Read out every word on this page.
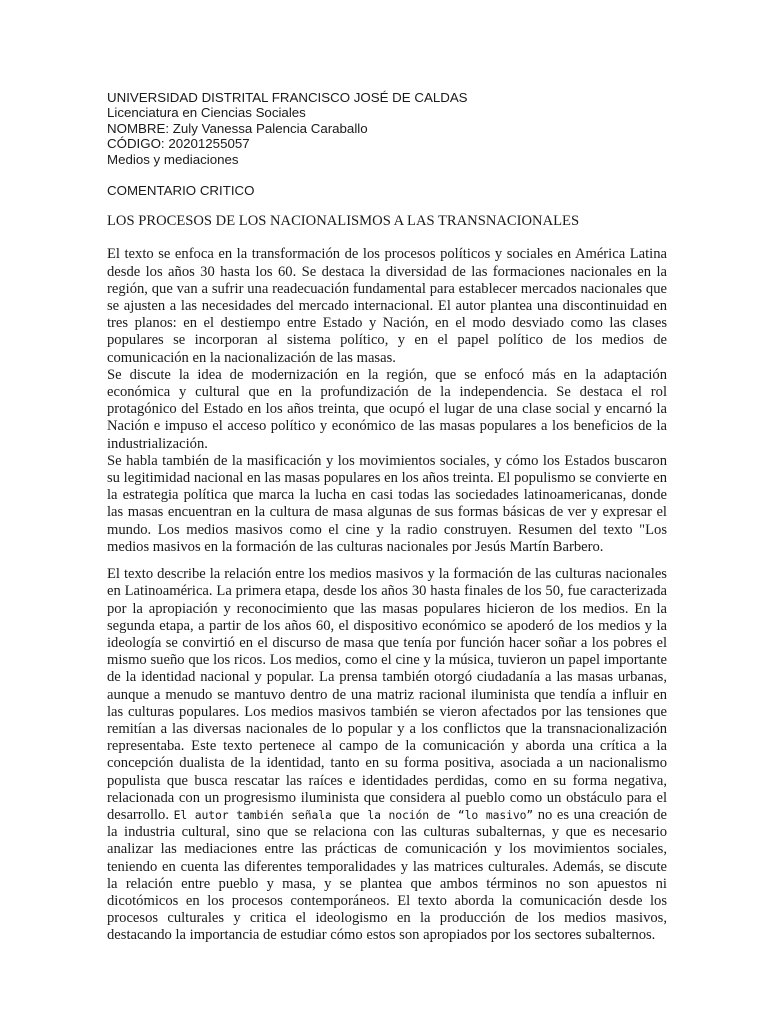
UNIVERSIDAD DISTRITAL FRANCISCO JOSÉ DE CALDAS
Licenciatura en Ciencias Sociales
NOMBRE: Zuly Vanessa Palencia Caraballo
CÓDIGO: 20201255057
Medios y mediaciones
COMENTARIO CRITICO
LOS PROCESOS DE LOS NACIONALISMOS A LAS TRANSNACIONALES
El texto se enfoca en la transformación de los procesos políticos y sociales en América Latina desde los años 30 hasta los 60. Se destaca la diversidad de las formaciones nacionales en la región, que van a sufrir una readecuación fundamental para establecer mercados nacionales que se ajusten a las necesidades del mercado internacional. El autor plantea una discontinuidad en tres planos: en el destiempo entre Estado y Nación, en el modo desviado como las clases populares se incorporan al sistema político, y en el papel político de los medios de comunicación en la nacionalización de las masas.
Se discute la idea de modernización en la región, que se enfocó más en la adaptación económica y cultural que en la profundización de la independencia. Se destaca el rol protagónico del Estado en los años treinta, que ocupó el lugar de una clase social y encarnó la Nación e impuso el acceso político y económico de las masas populares a los beneficios de la industrialización.
Se habla también de la masificación y los movimientos sociales, y cómo los Estados buscaron su legitimidad nacional en las masas populares en los años treinta. El populismo se convierte en la estrategia política que marca la lucha en casi todas las sociedades latinoamericanas, donde las masas encuentran en la cultura de masa algunas de sus formas básicas de ver y expresar el mundo. Los medios masivos como el cine y la radio construyen. Resumen del texto "Los medios masivos en la formación de las culturas nacionales por Jesús Martín Barbero.
El texto describe la relación entre los medios masivos y la formación de las culturas nacionales en Latinoamérica. La primera etapa, desde los años 30 hasta finales de los 50, fue caracterizada por la apropiación y reconocimiento que las masas populares hicieron de los medios. En la segunda etapa, a partir de los años 60, el dispositivo económico se apoderó de los medios y la ideología se convirtió en el discurso de masa que tenía por función hacer soñar a los pobres el mismo sueño que los ricos. Los medios, como el cine y la música, tuvieron un papel importante de la identidad nacional y popular. La prensa también otorgó ciudadanía a las masas urbanas, aunque a menudo se mantuvo dentro de una matriz racional iluminista que tendía a influir en las culturas populares. Los medios masivos también se vieron afectados por las tensiones que remitían a las diversas nacionales de lo popular y a los conflictos que la transnacionalización representaba. Este texto pertenece al campo de la comunicación y aborda una crítica a la concepción dualista de la identidad, tanto en su forma positiva, asociada a un nacionalismo populista que busca rescatar las raíces e identidades perdidas, como en su forma negativa, relacionada con un progresismo iluminista que considera al pueblo como un obstáculo para el desarrollo. El autor también señala que la noción de “lo masivo” no es una creación de la industria cultural, sino que se relaciona con las culturas subalternas, y que es necesario analizar las mediaciones entre las prácticas de comunicación y los movimientos sociales, teniendo en cuenta las diferentes temporalidades y las matrices culturales. Además, se discute la relación entre pueblo y masa, y se plantea que ambos términos no son apuestos ni dicotómicos en los procesos contemporáneos. El texto aborda la comunicación desde los procesos culturales y critica el ideologismo en la producción de los medios masivos, destacando la importancia de estudiar cómo estos son apropiados por los sectores subalternos.
